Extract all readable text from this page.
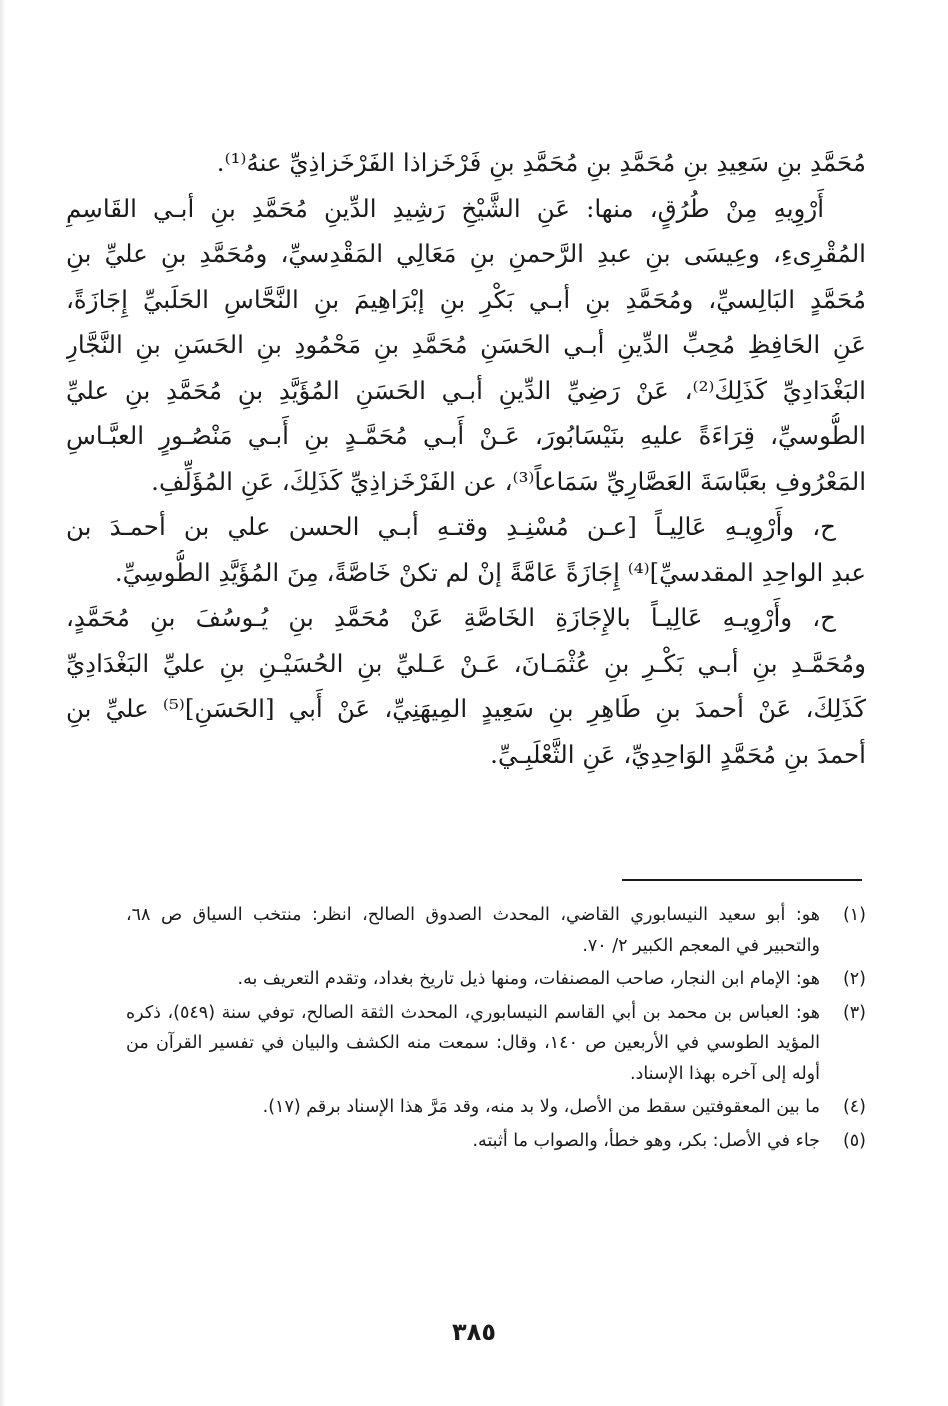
مُحَمَّدِ بنِ سَعِيدِ بنِ مُحَمَّدِ بنِ مُحَمَّدِ بنِ فَرْخَزاذا الفَرْخَزاذِيِّ عنهُ⁽¹⁾.
أَرْوِيهِ مِنْ طُرُقٍ، منها: عَنِ الشَّيْخِ رَشِيدِ الدِّينِ مُحَمَّدِ بنِ أبـي القَاسِمِ
المُقْرِىءِ، وعِيسَى بنِ عبدِ الرَّحمنِ بنِ مَعَالِي المَقْدِسيِّ، ومُحَمَّدِ بنِ عليِّ بنِ
مُحَمَّدٍ البَالِسيِّ، ومُحَمَّدِ بنِ أبـي بَكْرِ بنِ إبْرَاهِيمَ بنِ النَّحَّاسِ الحَلَبيِّ إِجَازَةً،
عَنِ الحَافِظِ مُحِبِّ الدِّينِ أبـي الحَسَنِ مُحَمَّدِ بنِ مَحْمُودِ بنِ الحَسَنِ بنِ النَّجَّارِ
البَغْدَادِيِّ كَذَلِكَ⁽²⁾، عَنْ رَضِيِّ الدِّينِ أبـي الحَسَنِ المُؤَيَّدِ بنِ مُحَمَّدِ بنِ عليِّ
الطُّوسيِّ، قِرَاءَةً عليهِ بنَيْسَابُورَ، عَـنْ أَبـي مُحَمَّـدٍ بنِ أَبـي مَنْصُـورٍ العبَّـاسِ
المَعْرُوفِ بعَبَّاسَةَ العَصَّارِيِّ سَمَاعاً⁽³⁾، عن الفَرْخَزاذِيِّ كَذَلِكَ، عَنِ المُؤَلِّفِ.
ح، وأَرْوِيـهِ عَالِيـاً [عـن مُسْنِـدِ وقتـهِ أبـي الحسن علي بن أحمـدَ بن
عبدِ الواحِدِ المقدسيِّ]⁽⁴⁾ إِجَازَةً عَامَّةً إنْ لم تكنْ خَاصَّةً، مِنَ المُؤَيَّدِ الطُّوسِيِّ.
ح، وأَرْوِيـهِ عَالِيـاً بالإِجَازَةِ الخَاصَّةِ عَنْ مُحَمَّدِ بنِ يُـوسُفَ بنِ مُحَمَّدٍ،
ومُحَمَّـدِ بنِ أبـي بَكْـرِ بنِ عُثْمَـانَ، عَـنْ عَـليِّ بنِ الحُسَيْـنِ بنِ عليِّ البَغْدَادِيِّ
كَذَلِكَ، عَنْ أحمدَ بنِ طَاهِرِ بنِ سَعِيدٍ المِيهَنِيِّ، عَنْ أَبي [الحَسَنِ]⁽⁵⁾ عليِّ بنِ
أحمدَ بنِ مُحَمَّدٍ الوَاحِدِيِّ، عَنِ الثَّعْلَبِـيِّ.
(١)
هو: أبو سعيد النيسابوري القاضي، المحدث الصدوق الصالح، انظر: منتخب السياق ص ٦٨، والتحبير في المعجم الكبير ٢/ ٧٠.
(٢)
هو: الإمام ابن النجار، صاحب المصنفات، ومنها ذيل تاريخ بغداد، وتقدم التعريف به.
(٣)
هو: العباس بن محمد بن أبي القاسم النيسابوري، المحدث الثقة الصالح، توفي سنة (٥٤٩)، ذكره المؤيد الطوسي في الأربعين ص ١٤٠، وقال: سمعت منه الكشف والبيان في تفسير القرآن من أوله إلى آخره بهذا الإسناد.
(٤)
ما بين المعقوفتين سقط من الأصل، ولا بد منه، وقد مَرَّ هذا الإسناد برقم (١٧).
(٥)
جاء في الأصل: بكر، وهو خطأ، والصواب ما أثبته.
٣٨٥
